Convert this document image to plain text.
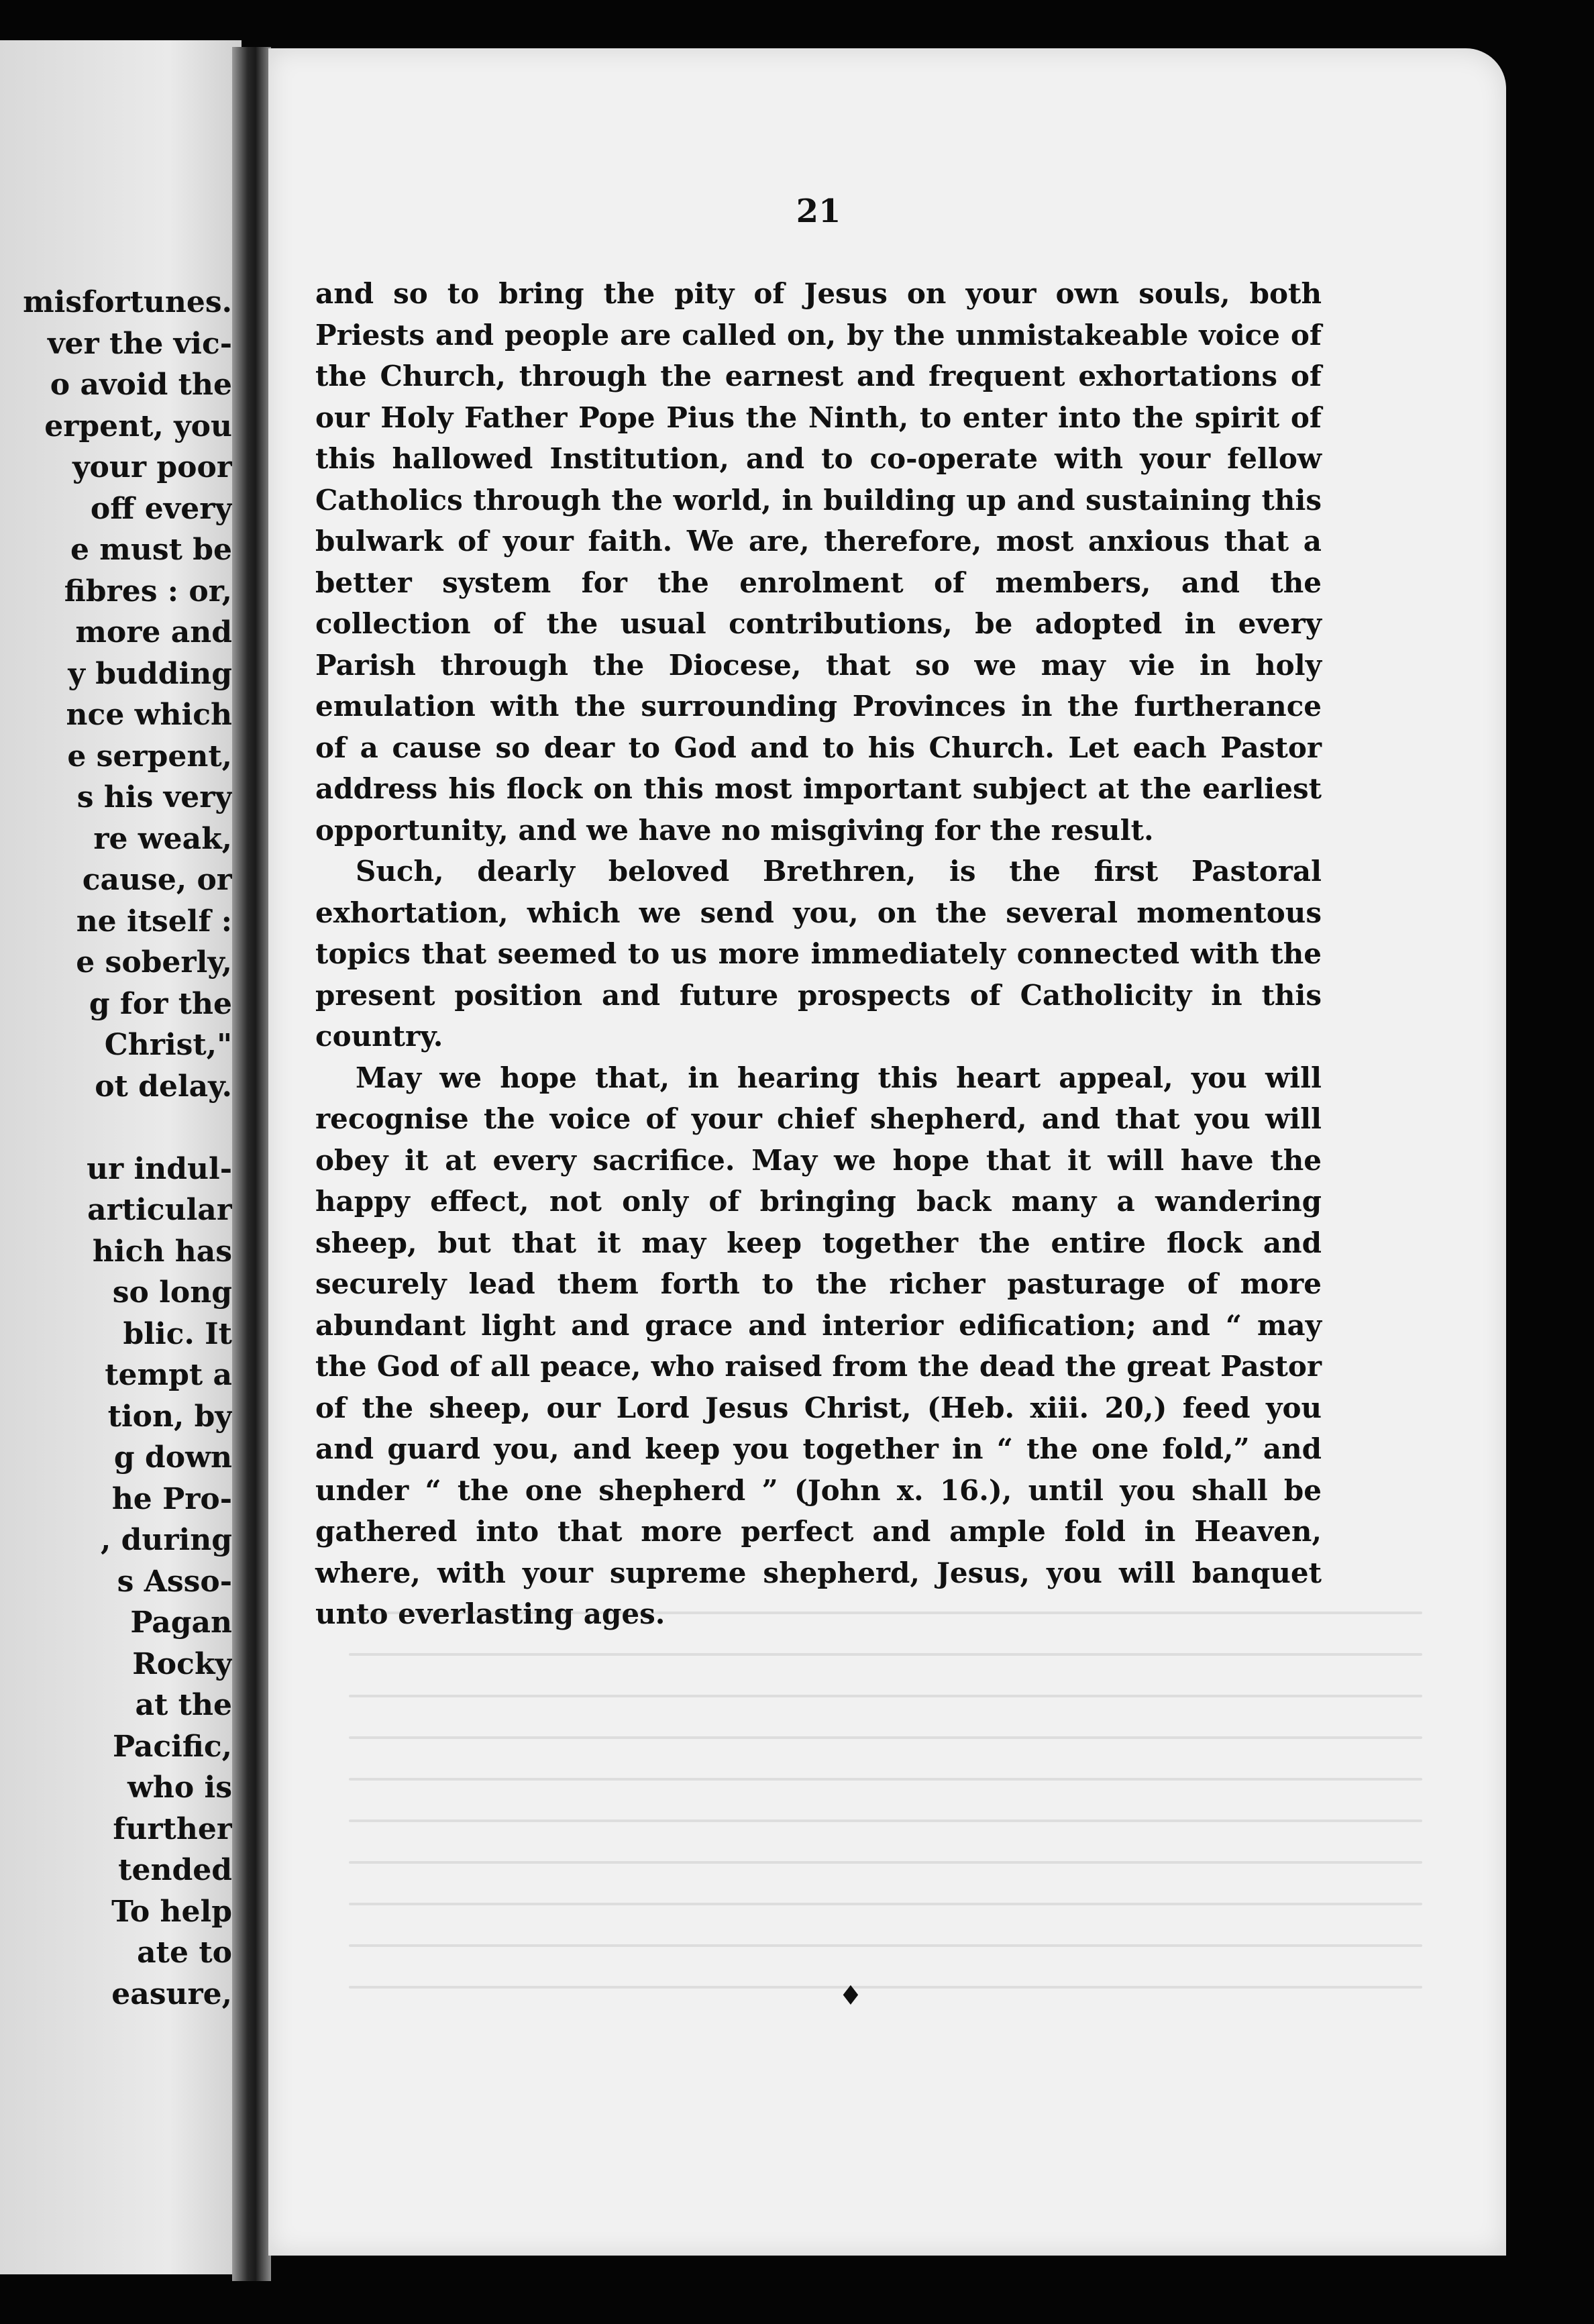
misfortunes.
ver the vic-
o avoid the
erpent, you
your poor
off every
e must be
fibres : or,
more and
y budding
nce which
e serpent,
s his very
re weak,
cause, or
ne itself :
e soberly,
g for the
Christ,"
ot delay.
ur indul-
articular
hich has
so long
blic. It
tempt a
tion, by
g down
he Pro-
, during
s Asso-
Pagan
Rocky
at the
Pacific,
who is
further
tended
To help
ate to
easure,
21

and so to bring the pity of Jesus on your own souls, both Priests and people are called on, by the unmistakeable voice of the Church, through the earnest and frequent exhortations of our Holy Father Pope Pius the Ninth, to enter into the spirit of this hallowed Institution, and to co-operate with your fellow Catholics through the world, in building up and sustaining this bulwark of your faith. We are, therefore, most anxious that a better system for the enrolment of members, and the collection of the usual contributions, be adopted in every Parish through the Diocese, that so we may vie in holy emulation with the surrounding Provinces in the furtherance of a cause so dear to God and to his Church. Let each Pastor address his flock on this most important subject at the earliest opportunity, and we have no misgiving for the result.

Such, dearly beloved Brethren, is the first Pastoral exhortation, which we send you, on the several momentous topics that seemed to us more immediately connected with the present position and future prospects of Catholicity in this country.

May we hope that, in hearing this heart appeal, you will recognise the voice of your chief shepherd, and that you will obey it at every sacrifice. May we hope that it will have the happy effect, not only of bringing back many a wandering sheep, but that it may keep together the entire flock and securely lead them forth to the richer pasturage of more abundant light and grace and interior edification; and “ may the God of all peace, who raised from the dead the great Pastor of the sheep, our Lord Jesus Christ, (Heb. xiii. 20,) feed you and guard you, and keep you together in “ the one fold,” and under “ the one shepherd ” (John x. 16.), until you shall be gathered into that more perfect and ample fold in Heaven, where, with your supreme shepherd, Jesus, you will banquet unto everlasting ages.

♦
